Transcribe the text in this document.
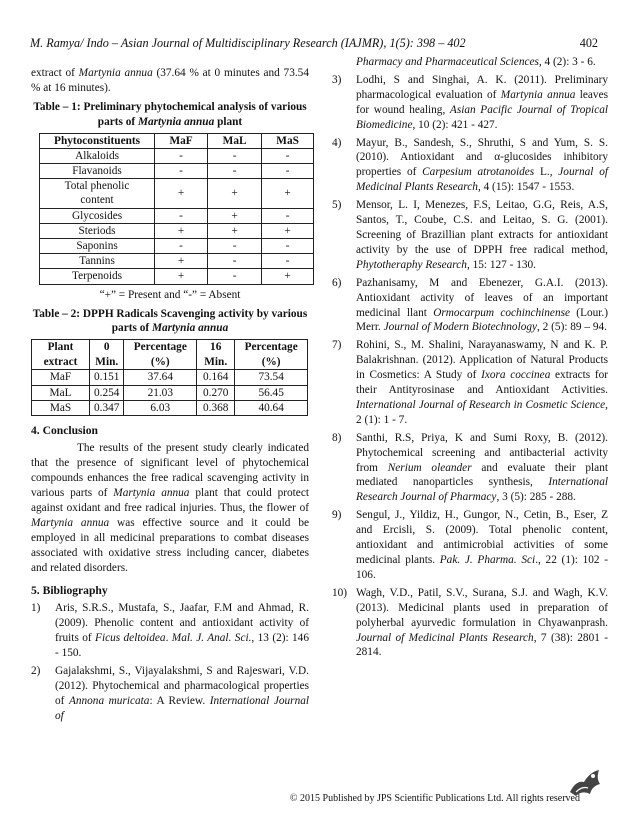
M. Ramya/ Indo – Asian Journal of Multidisciplinary Research (IAJMR), 1(5): 398 – 402	402

extract of Martynia annua (37.64 % at 0 minutes and 73.54 % at 16 minutes).

Table – 1: Preliminary phytochemical analysis of various parts of Martynia annua plant
Phytoconstituents	MaF	MaL	MaS
Alkaloids	-	-	-
Flavanoids	-	-	-
Total phenolic content	+	+	+
Glycosides	-	+	-
Steriods	+	+	+
Saponins	-	-	-
Tannins	+	-	-
Terpenoids	+	-	+
“+” = Present and “-” = Absent
Table – 2: DPPH Radicals Scavenging activity by various parts of Martynia annua
Plant extract	0 Min.	Percentage (%)	16 Min.	Percentage (%)
MaF	0.151	37.64	0.164	73.54
MaL	0.254	21.03	0.270	56.45
MaS	0.347	6.03	0.368	40.64
4. Conclusion

The results of the present study clearly indicated that the presence of significant level of phytochemical compounds enhances the free radical scavenging activity in various parts of Martynia annua plant that could protect against oxidant and free radical injuries. Thus, the flower of Martynia annua was effective source and it could be employed in all medicinal preparations to combat diseases associated with oxidative stress including cancer, diabetes and related disorders.

5. Bibliography
1) Aris, S.R.S., Mustafa, S., Jaafar, F.M and Ahmad, R. (2009). Phenolic content and antioxidant activity of fruits of Ficus deltoidea. Mal. J. Anal. Sci., 13 (2): 146 - 150.
2) Gajalakshmi, S., Vijayalakshmi, S and Rajeswari, V.D. (2012). Phytochemical and pharmacological properties of Annona muricata: A Review. International Journal of
Pharmacy and Pharmaceutical Sciences, 4 (2): 3 - 6.
3) Lodhi, S and Singhai, A. K. (2011). Preliminary pharmacological evaluation of Martynia annua leaves for wound healing, Asian Pacific Journal of Tropical Biomedicine, 10 (2): 421 - 427.
4) Mayur, B., Sandesh, S., Shruthi, S and Yum, S. S. (2010). Antioxidant and α-glucosides inhibitory properties of Carpesium atrotanoides L., Journal of Medicinal Plants Research, 4 (15): 1547 - 1553.
5) Mensor, L. I, Menezes, F.S, Leitao, G.G, Reis, A.S, Santos, T., Coube, C.S. and Leitao, S. G. (2001). Screening of Brazillian plant extracts for antioxidant activity by the use of DPPH free radical method, Phytotheraphy Research, 15: 127 - 130.
6) Pazhanisamy, M and Ebenezer, G.A.I. (2013). Antioxidant activity of leaves of an important medicinal llant Ormocarpum cochinchinense (Lour.) Merr. Journal of Modern Biotechnology, 2 (5): 89 – 94.
7) Rohini, S., M. Shalini, Narayanaswamy, N and K. P. Balakrishnan. (2012). Application of Natural Products in Cosmetics: A Study of Ixora coccinea extracts for their Antityrosinase and Antioxidant Activities. International Journal of Research in Cosmetic Science, 2 (1): 1 - 7.
8) Santhi, R.S, Priya, K and Sumi Roxy, B. (2012). Phytochemical screening and antibacterial activity from Nerium oleander and evaluate their plant mediated nanoparticles synthesis, International Research Journal of Pharmacy, 3 (5): 285 - 288.
9) Sengul, J., Yildiz, H., Gungor, N., Cetin, B., Eser, Z and Ercisli, S. (2009). Total phenolic content, antioxidant and antimicrobial activities of some medicinal plants. Pak. J. Pharma. Sci., 22 (1): 102 - 106.
10) Wagh, V.D., Patil, S.V., Surana, S.J. and Wagh, K.V. (2013). Medicinal plants used in preparation of polyherbal ayurvedic formulation in Chyawanprash. Journal of Medicinal Plants Research, 7 (38): 2801 - 2814.
© 2015 Published by JPS Scientific Publications Ltd. All rights reserved
